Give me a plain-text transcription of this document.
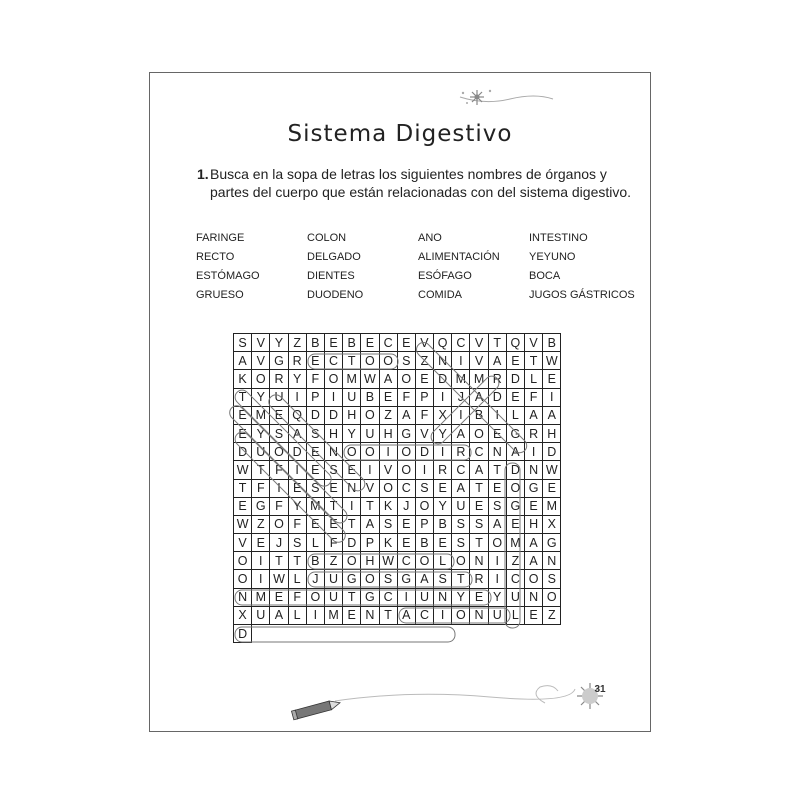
Sistema Digestivo
1. Busca en la sopa de letras los siguientes nombres de órganos y partes del cuerpo que están relacionadas con del sistema digestivo.
FARINGE	COLON	ANO	INTESTINO
RECTO	DELGADO	ALIMENTACIÓN	YEYUNO
ESTÓMAGO	DIENTES	ESÓFAGO	BOCA
GRUESO	DUODENO	COMIDA	JUGOS GÁSTRICOS
S V Y Z B E B E C E V Q C V T Q V B
A V G R E C T O O S Z N I V A E T W
K O R Y F O M W A O E D M M R D L E
T Y U I P I U B E F P I	J A D E F	I
E M E Q D D H O Z A F X I B I	L A A
E Y S A S H Y U H G V Y A O E G R H
D U O D E N O O I O D I R C N A I D
W T F	I E S E I V O I R C A T D N W
T F	I E S E N V O C S E A T E O G E
E G F Y M T	I	T K J O Y U E S G E M
W Z O F E E T A S E P B S S A E H X
V E J S L F D P K E B E S T O M A G
O I	T T B Z O H W C O L O N I	Z A N
O I W L J U G O S G A S T R I C O S
N M E F O U T G C I U N Y E Y U N O
X U A L	I M E N T A C I O N U L E Z
D
31
